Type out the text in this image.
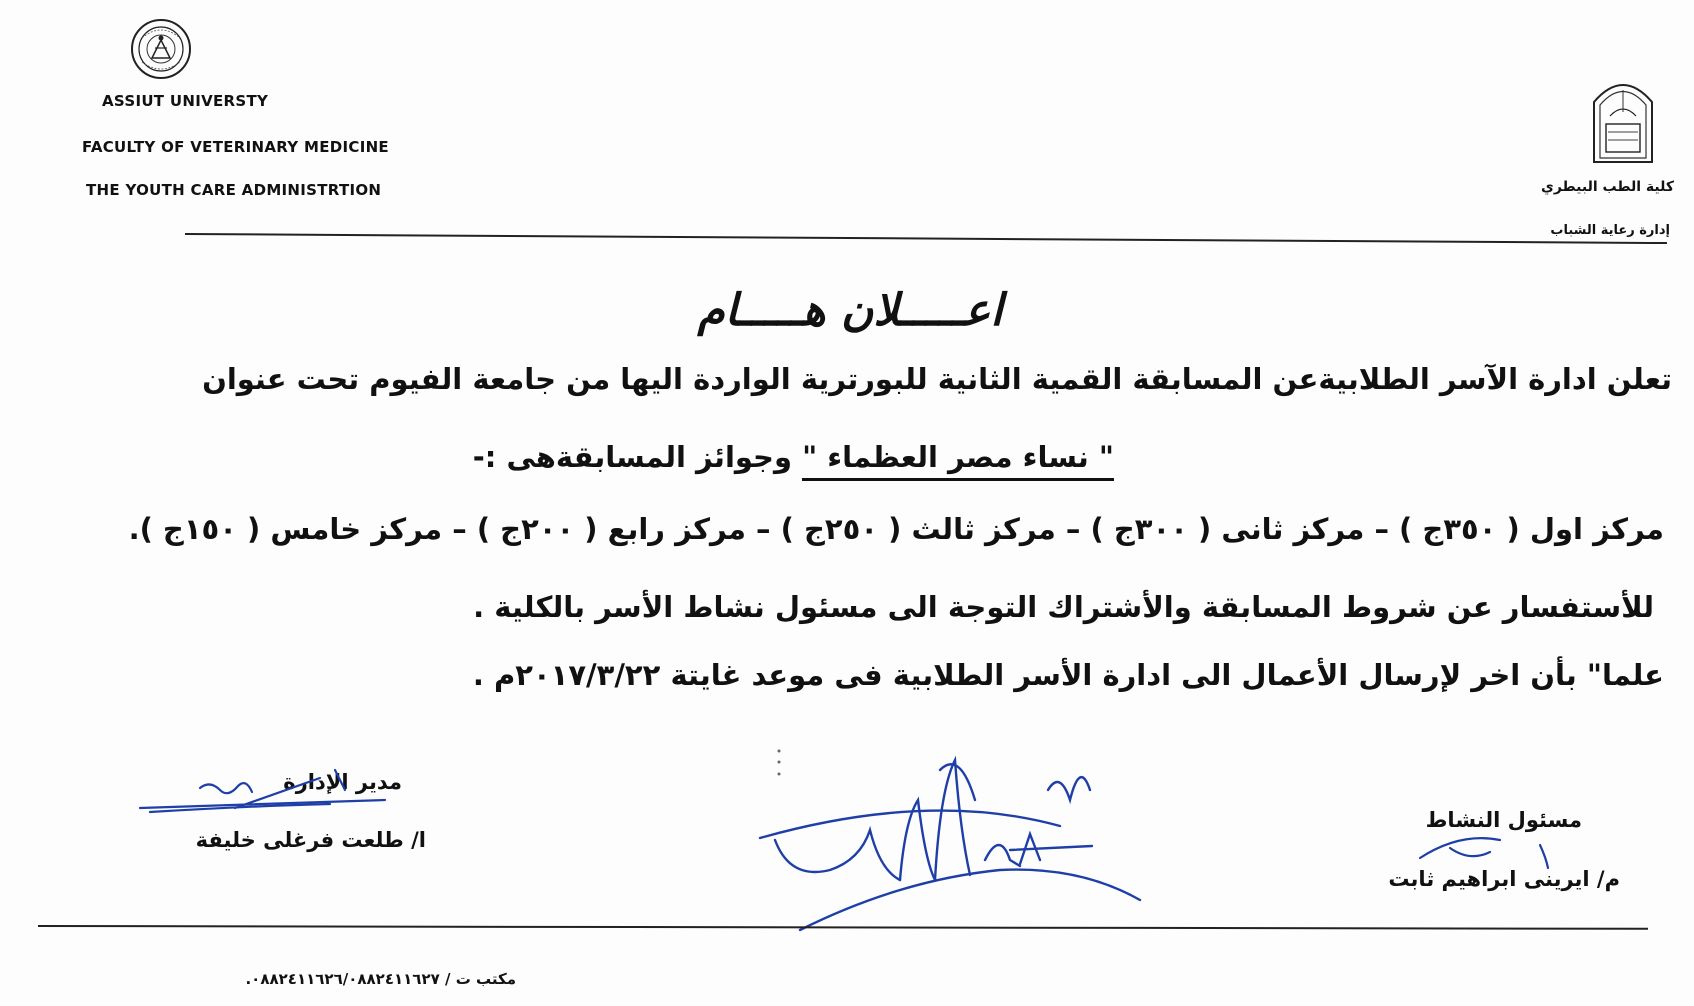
ASSIUT UNIVERSTY
FACULTY OF VETERINARY MEDICINE
THE YOUTH CARE ADMINISTRTION	كلية الطب البيطري
إدارة رعاية الشباب
اعـــــلان هـــــام
تعلن ادارة الآسر الطلابيةعن المسابقة القمية الثانية للبورترية الواردة اليها من جامعة الفيوم تحت عنوان
" نساء مصر العظماء " وجوائز المسابقةهى :-
مركز اول ( ٣٥٠ج ) – مركز ثانى ( ٣٠٠ج ) – مركز ثالث ( ٢٥٠ج ) – مركز رابع ( ٢٠٠ج ) – مركز خامس ( ١٥٠ج ).
للأستفسار عن شروط المسابقة والأشتراك التوجة الى مسئول نشاط الأسر بالكلية .
علما" بأن اخر لإرسال الأعمال الى ادارة الأسر الطلابية فى موعد غايتة ٢٠١٧/٣/٢٢م .
مدير الإدارة
ا/ طلعت فرغلى خليفة
مسئول النشاط
م/ ايرينى ابراهيم ثابت
مكتب ت / ٠٨٨٢٤١١٦٢٦/٠٨٨٢٤١١٦٢٧.
